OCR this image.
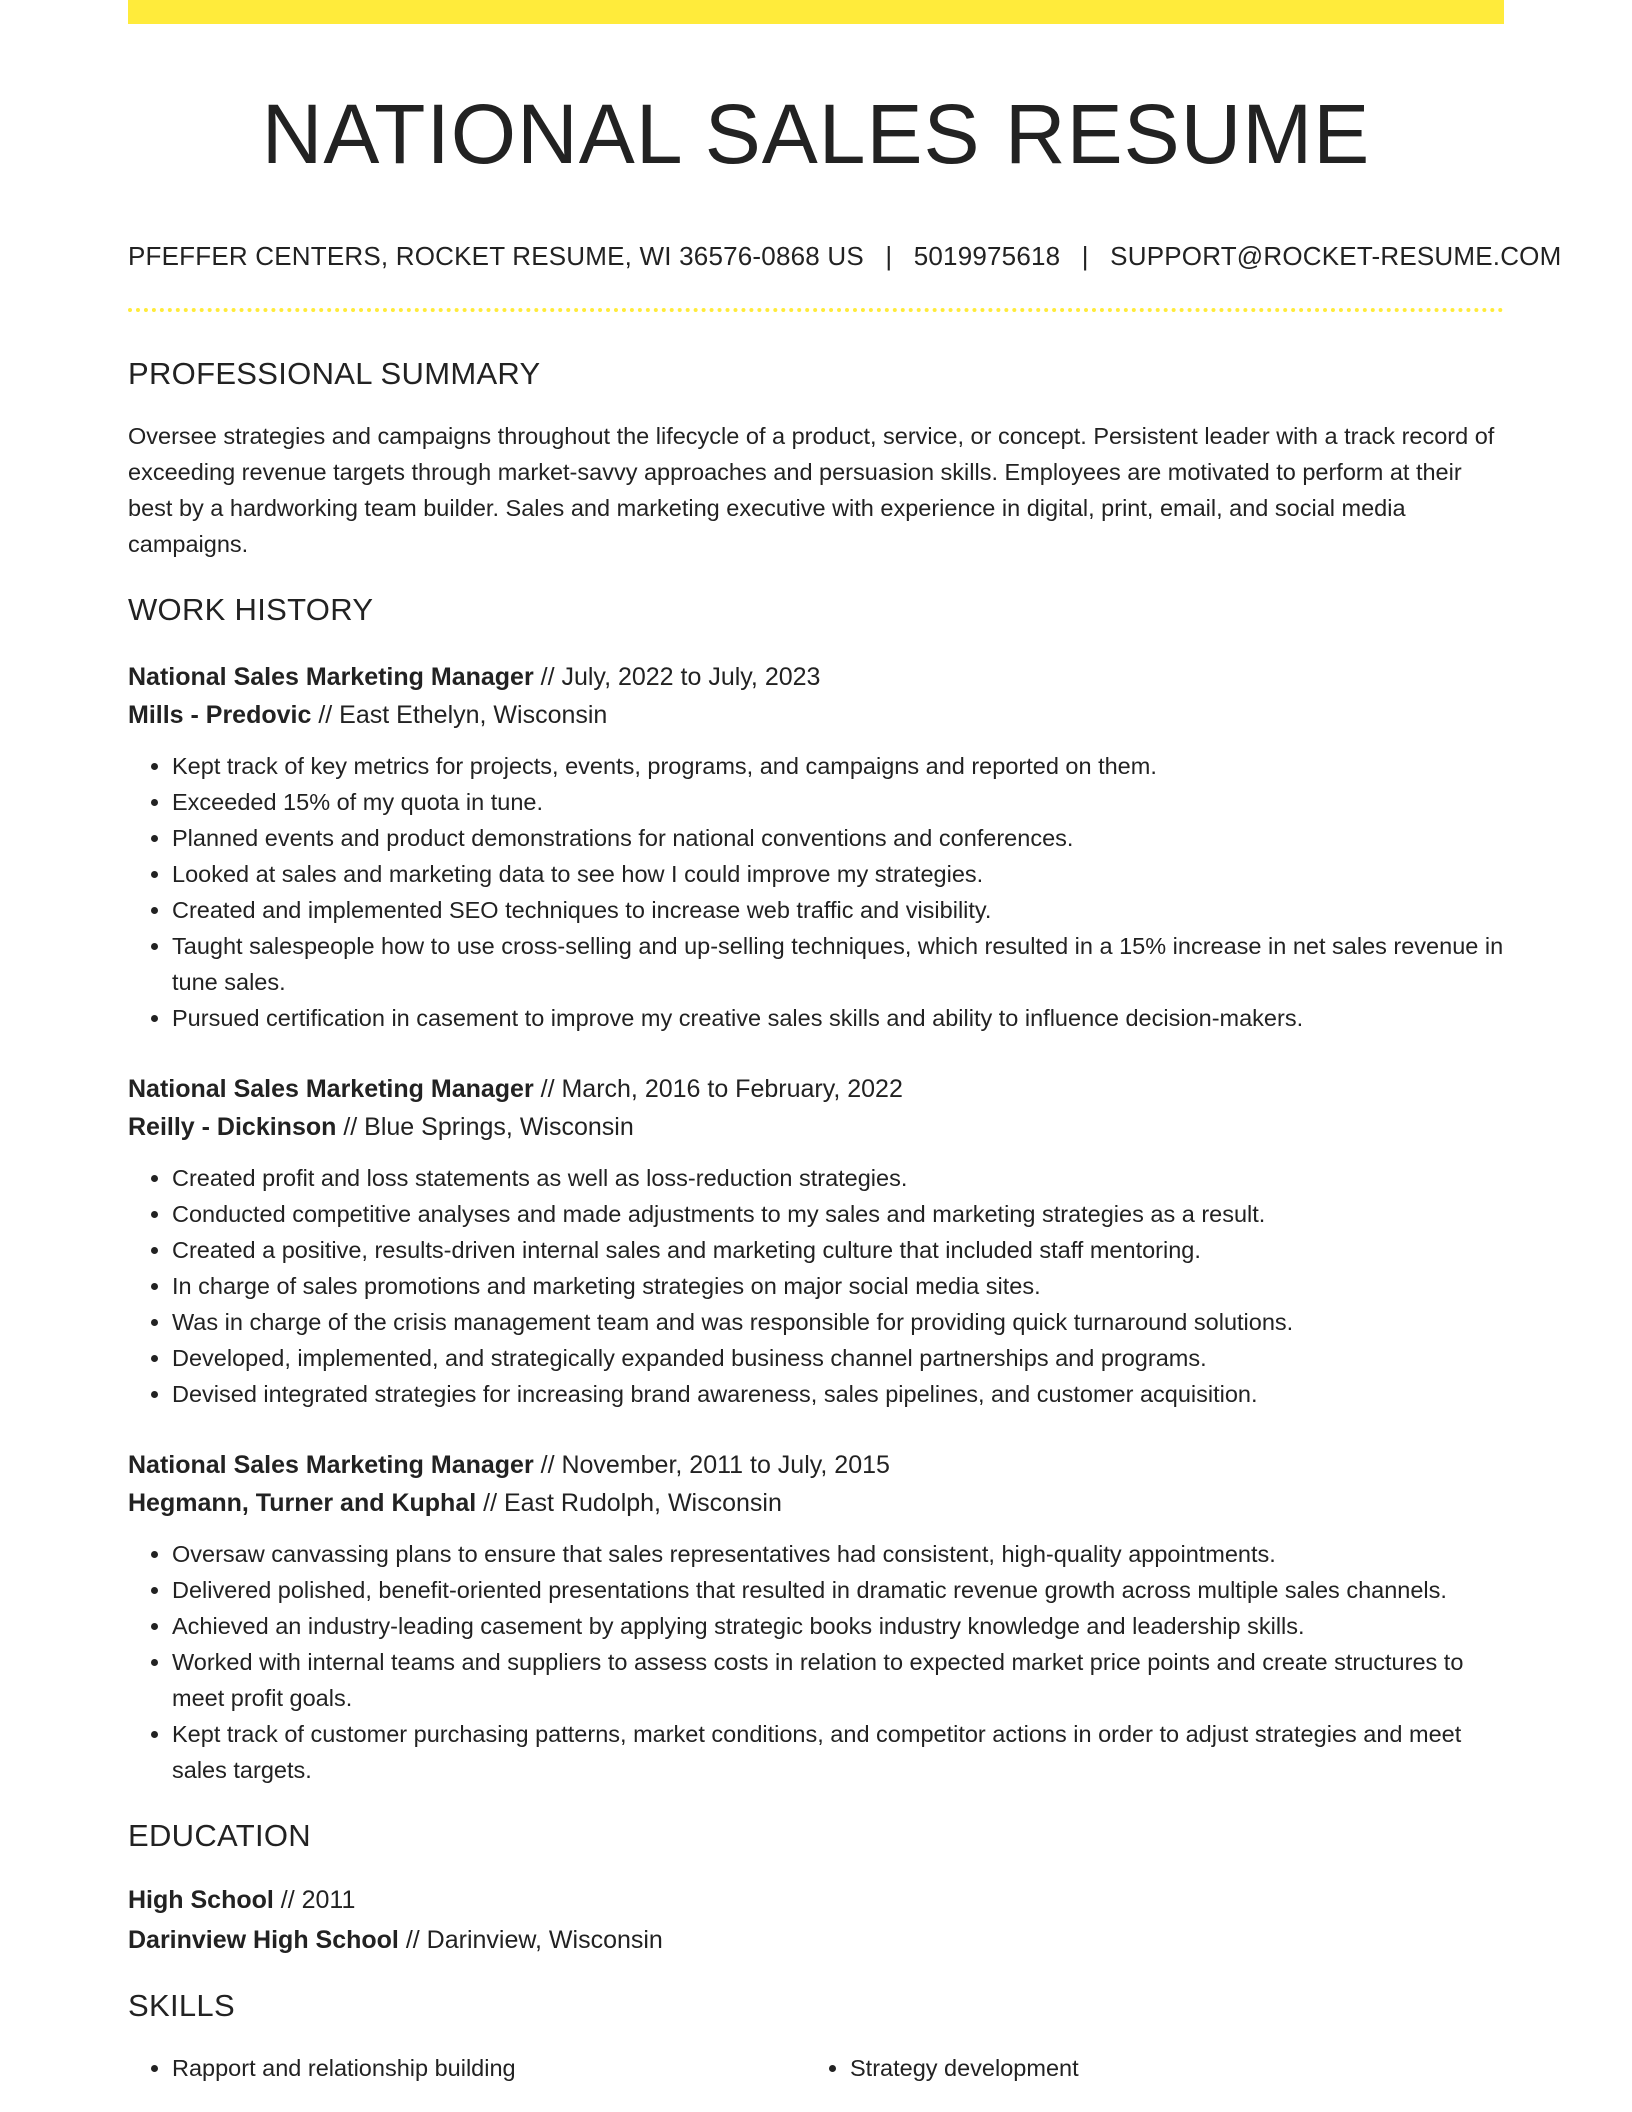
NATIONAL SALES RESUME
PFEFFER CENTERS, ROCKET RESUME, WI 36576-0868 US | 5019975618 | SUPPORT@ROCKET-RESUME.COM
PROFESSIONAL SUMMARY

Oversee strategies and campaigns throughout the lifecycle of a product, service, or concept. Persistent leader with a track record of exceeding revenue targets through market-savvy approaches and persuasion skills. Employees are motivated to perform at their best by a hardworking team builder. Sales and marketing executive with experience in digital, print, email, and social media campaigns.

WORK HISTORY
National Sales Marketing Manager // July, 2022 to July, 2023
Mills - Predovic // East Ethelyn, Wisconsin
• Kept track of key metrics for projects, events, programs, and campaigns and reported on them.
• Exceeded 15% of my quota in tune.
• Planned events and product demonstrations for national conventions and conferences.
• Looked at sales and marketing data to see how I could improve my strategies.
• Created and implemented SEO techniques to increase web traffic and visibility.
• Taught salespeople how to use cross-selling and up-selling techniques, which resulted in a 15% increase in net sales revenue in tune sales.
• Pursued certification in casement to improve my creative sales skills and ability to influence decision-makers.
National Sales Marketing Manager // March, 2016 to February, 2022
Reilly - Dickinson // Blue Springs, Wisconsin
• Created profit and loss statements as well as loss-reduction strategies.
• Conducted competitive analyses and made adjustments to my sales and marketing strategies as a result.
• Created a positive, results-driven internal sales and marketing culture that included staff mentoring.
• In charge of sales promotions and marketing strategies on major social media sites.
• Was in charge of the crisis management team and was responsible for providing quick turnaround solutions.
• Developed, implemented, and strategically expanded business channel partnerships and programs.
• Devised integrated strategies for increasing brand awareness, sales pipelines, and customer acquisition.
National Sales Marketing Manager // November, 2011 to July, 2015
Hegmann, Turner and Kuphal // East Rudolph, Wisconsin
• Oversaw canvassing plans to ensure that sales representatives had consistent, high-quality appointments.
• Delivered polished, benefit-oriented presentations that resulted in dramatic revenue growth across multiple sales channels.
• Achieved an industry-leading casement by applying strategic books industry knowledge and leadership skills.
• Worked with internal teams and suppliers to assess costs in relation to expected market price points and create structures to meet profit goals.
• Kept track of customer purchasing patterns, market conditions, and competitor actions in order to adjust strategies and meet sales targets.
EDUCATION
High School // 2011
Darinview High School // Darinview, Wisconsin
SKILLS
• Rapport and relationship building
•	Strategy development
